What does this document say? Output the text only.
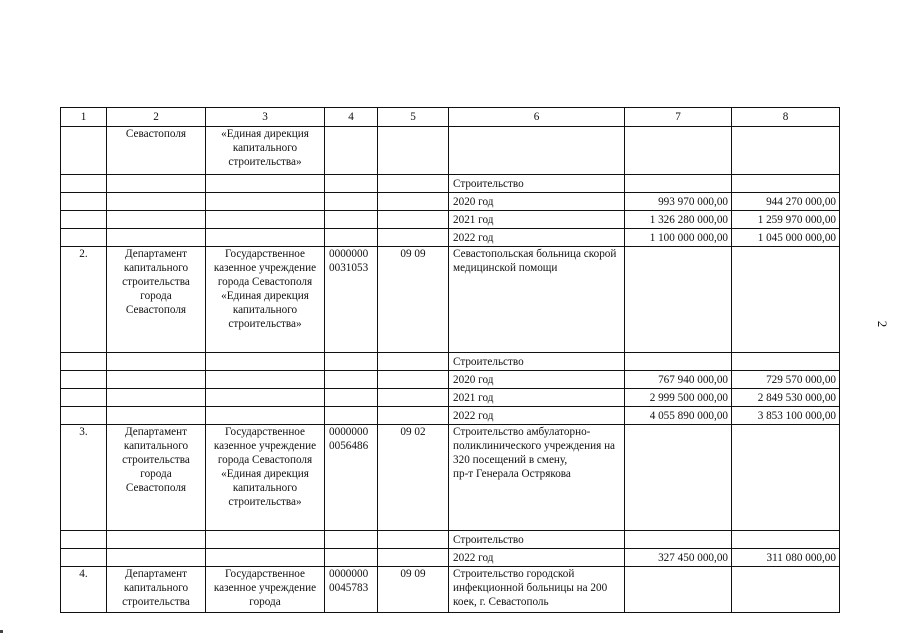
2
1	2	3	4	5	6	7	8
	Севастополя	«Единая дирекция капитального строительства»					
					Строительство		
					2020 год	993 970 000,00	944 270 000,00
					2021 год	1 326 280 000,00	1 259 970 000,00
					2022 год	1 100 000 000,00	1 045 000 000,00
2.	Департамент капитального строительства города Севастополя	Государственное казенное учреждение города Севастополя «Единая дирекция капитального строительства»	0000000 0031053	09 09	Севастопольская больница скорой медицинской помощи		
					Строительство		
					2020 год	767 940 000,00	729 570 000,00
					2021 год	2 999 500 000,00	2 849 530 000,00
					2022 год	4 055 890 000,00	3 853 100 000,00
3.	Департамент капитального строительства города Севастополя	Государственное казенное учреждение города Севастополя «Единая дирекция капитального строительства»	0000000 0056486	09 02	Строительство амбулаторно-поликлинического учреждения на 320 посещений в смену,
пр-т Генерала Острякова		
					Строительство		
					2022 год	327 450 000,00	311 080 000,00
4.	Департамент капитального строительства	Государственное казенное учреждение города	0000000 0045783	09 09	Строительство городской инфекционной больницы на 200 коек, г. Севастополь		
